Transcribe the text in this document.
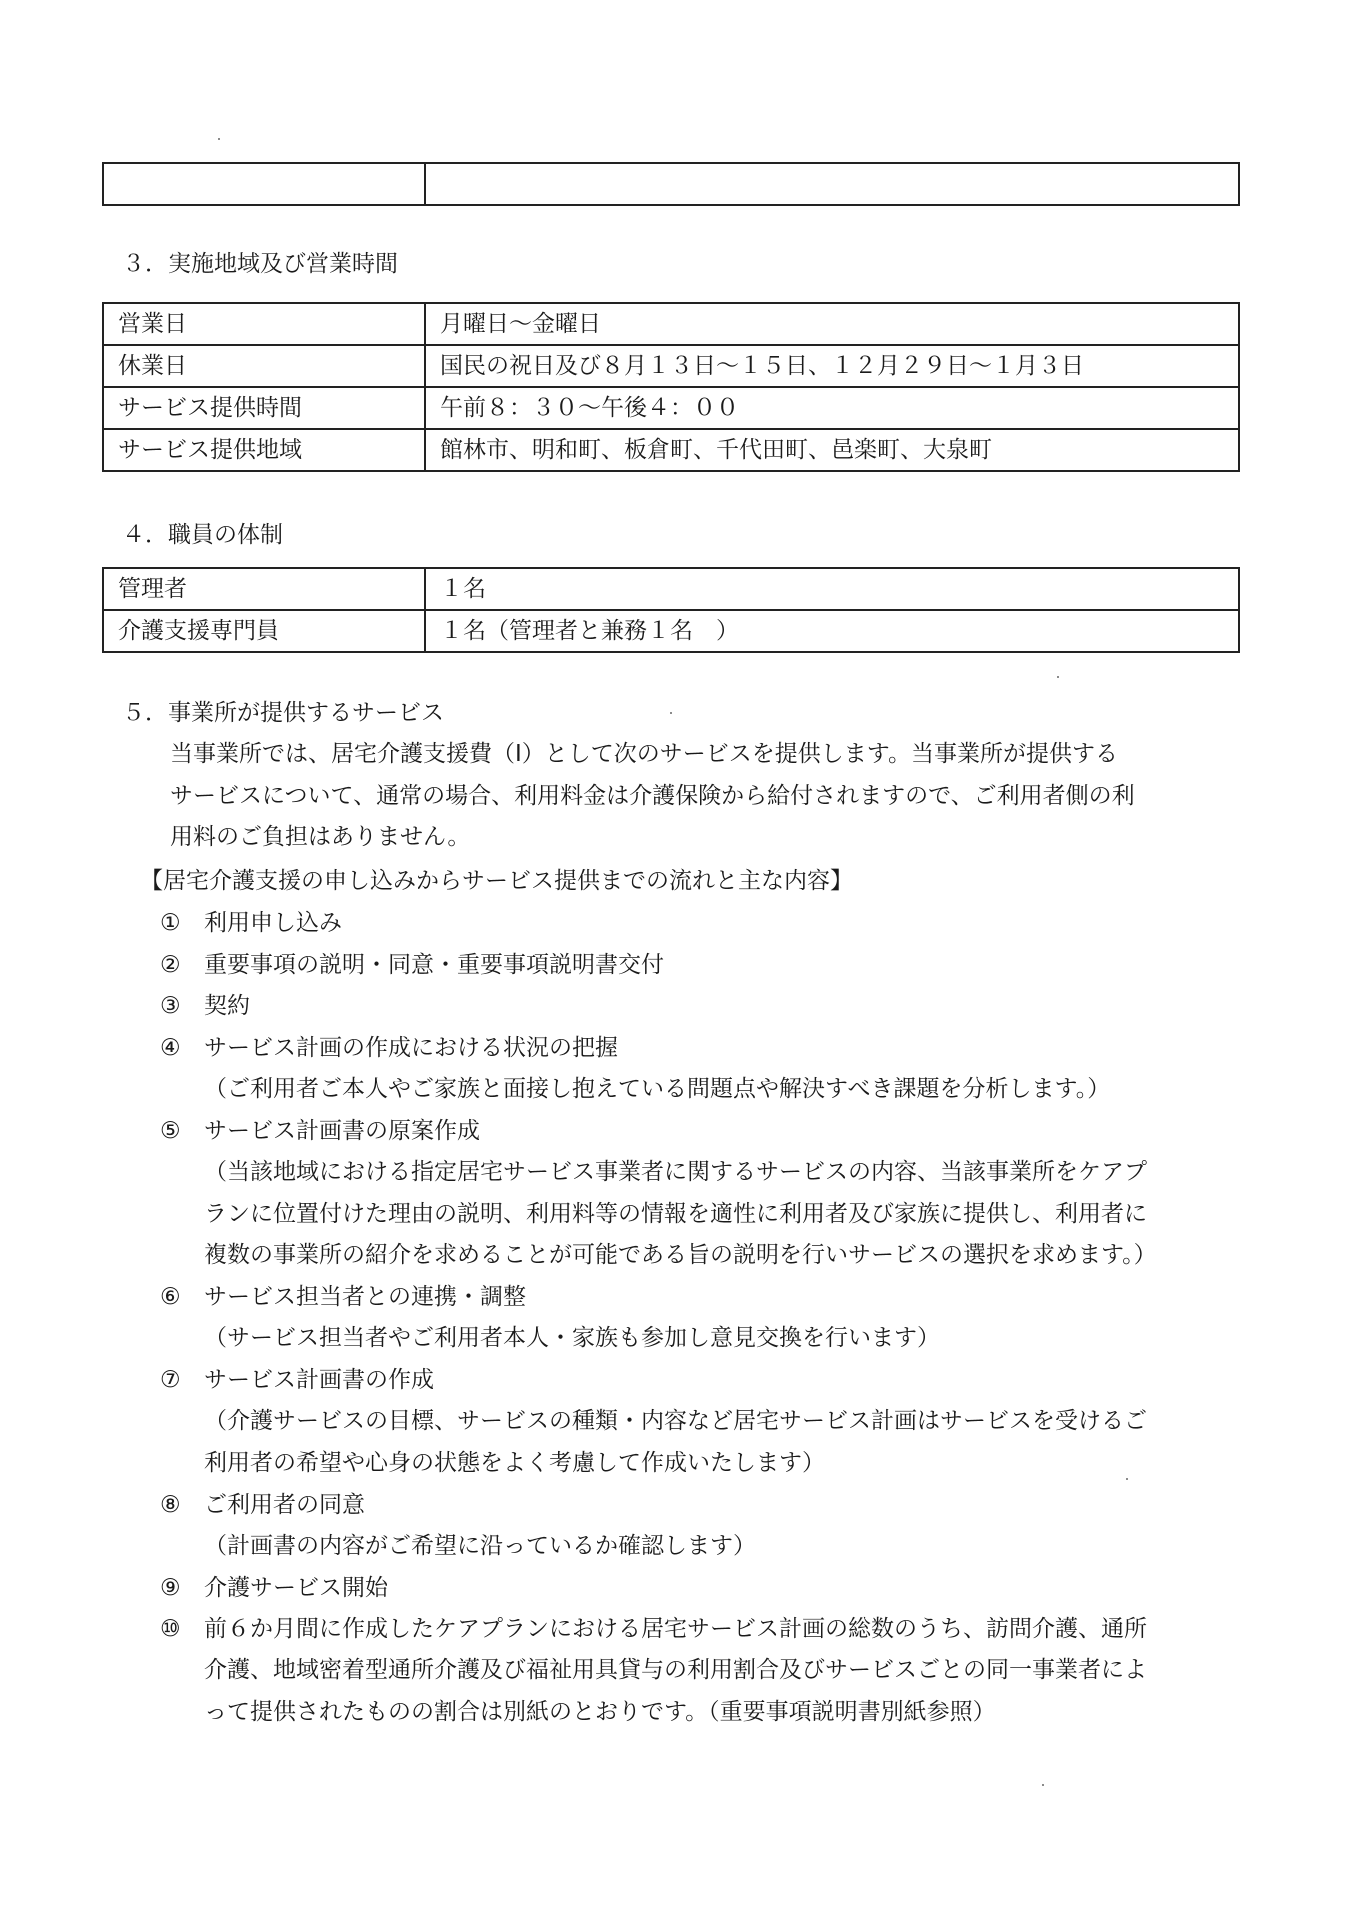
３．実施地域及び営業時間
営業日	月曜日～金曜日
休業日	国民の祝日及び８月１３日～１５日、１２月２９日～１月３日
サービス提供時間	午前８：３０～午後４：００
サービス提供地域	館林市、明和町、板倉町、千代田町、邑楽町、大泉町
４．職員の体制
管理者	１名
介護支援専門員	１名（管理者と兼務１名　）
５．事業所が提供するサービス
当事業所では、居宅介護支援費（Ⅰ）として次のサービスを提供します。当事業所が提供する
サービスについて、通常の場合、利用料金は介護保険から給付されますので、ご利用者側の利
用料のご負担はありません。
【居宅介護支援の申し込みからサービス提供までの流れと主な内容】
① 利用申し込み
② 重要事項の説明・同意・重要事項説明書交付
③ 契約
④ サービス計画の作成における状況の把握
（ご利用者ご本人やご家族と面接し抱えている問題点や解決すべき課題を分析します。）
⑤ サービス計画書の原案作成
（当該地域における指定居宅サービス事業者に関するサービスの内容、当該事業所をケアプ
ランに位置付けた理由の説明、利用料等の情報を適性に利用者及び家族に提供し、利用者に
複数の事業所の紹介を求めることが可能である旨の説明を行いサービスの選択を求めます。）
⑥ サービス担当者との連携・調整
（サービス担当者やご利用者本人・家族も参加し意見交換を行います）
⑦ サービス計画書の作成
（介護サービスの目標、サービスの種類・内容など居宅サービス計画はサービスを受けるご
利用者の希望や心身の状態をよく考慮して作成いたします）
⑧ ご利用者の同意
（計画書の内容がご希望に沿っているか確認します）
⑨ 介護サービス開始
⑩ 前６か月間に作成したケアプランにおける居宅サービス計画の総数のうち、訪問介護、通所
介護、地域密着型通所介護及び福祉用具貸与の利用割合及びサービスごとの同一事業者によ
って提供されたものの割合は別紙のとおりです。（重要事項説明書別紙参照）
